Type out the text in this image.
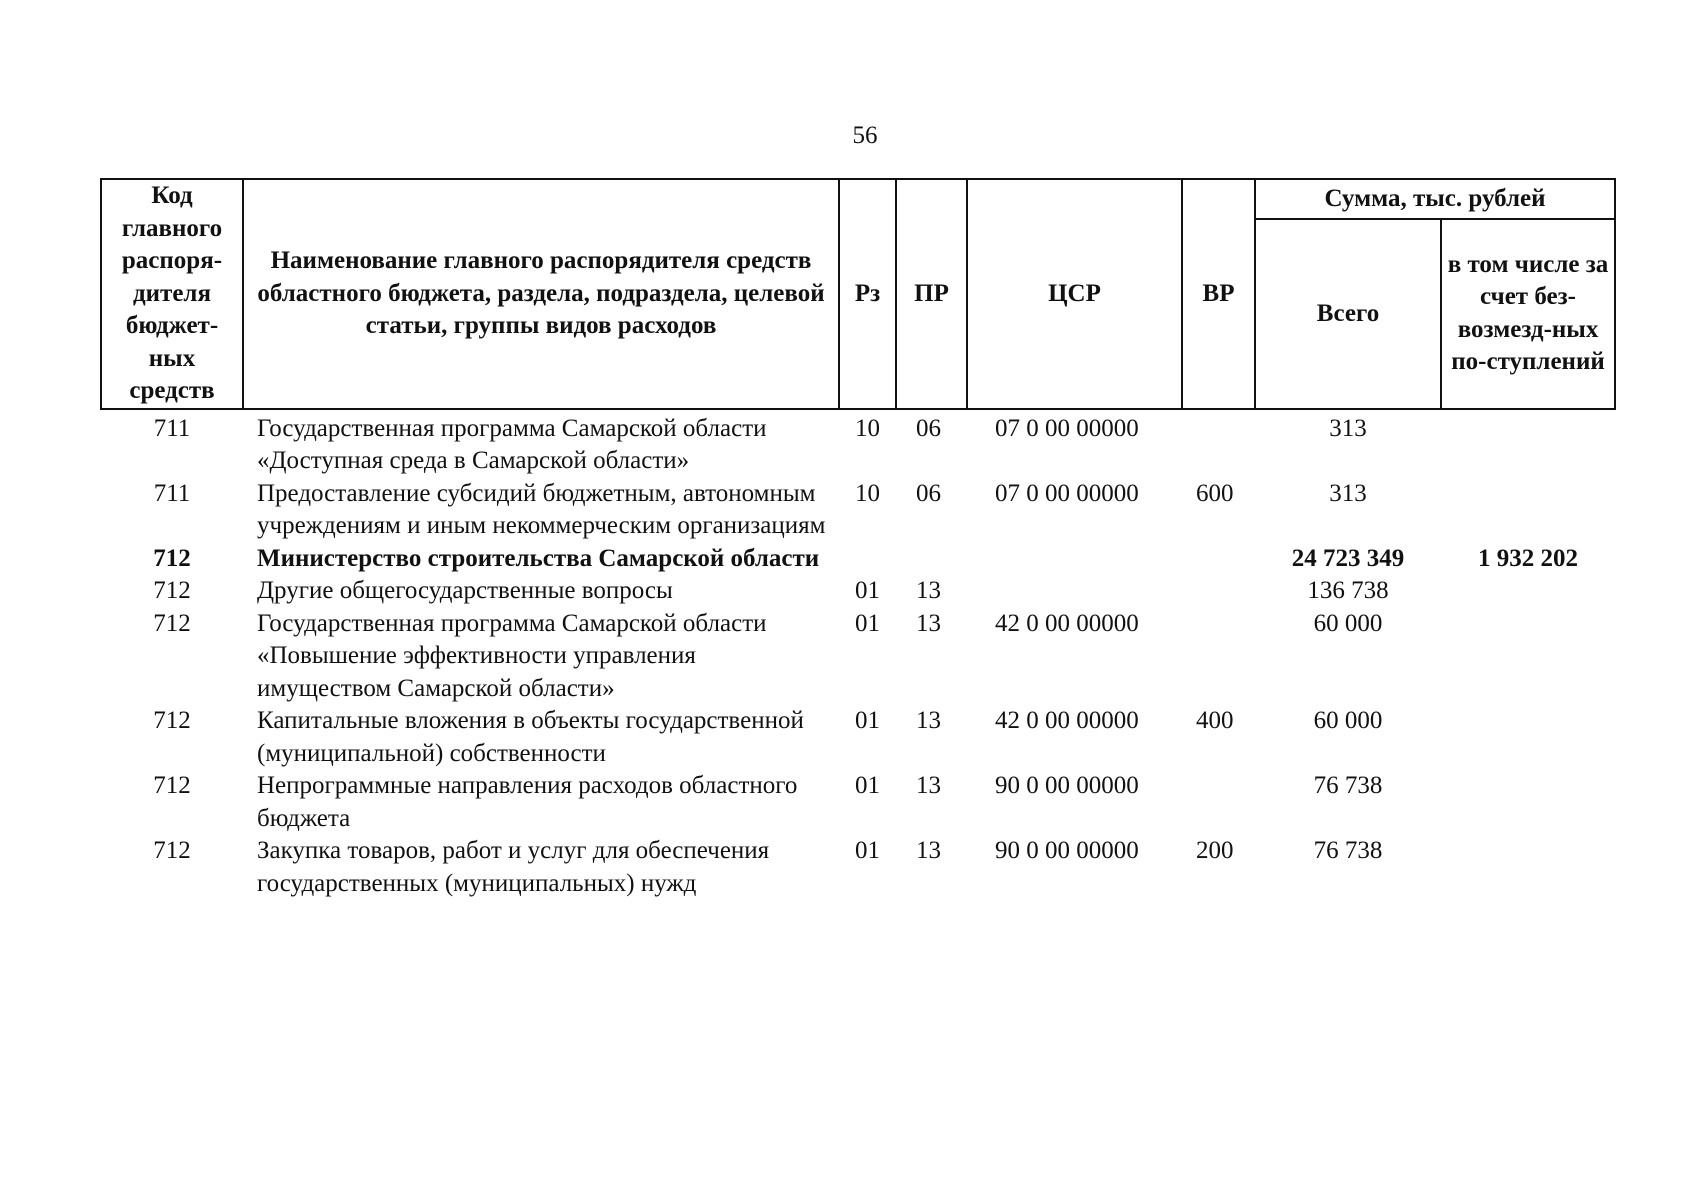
56
Код главного распоря-дителя бюджет-ных средств	Наименование главного распорядителя средств областного бюджета, раздела, подраздела, целевой статьи, группы видов расходов	Рз	ПР	ЦСР	ВР	Сумма, тыс. рублей	
						Всего	в том числе за счет без-возмезд-ных по-ступлений
711	Государственная программа Самарской области «Доступная среда в Самарской области»	10	06	07 0 00 00000		313	
711	Предоставление субсидий бюджетным, автономным учреждениям и иным некоммерческим организациям	10	06	07 0 00 00000	600	313	
712	Министерство строительства Самарской области					24 723 349	1 932 202
712	Другие общегосударственные вопросы	01	13			136 738	
712	Государственная программа Самарской области «Повышение эффективности управления имуществом Самарской области»	01	13	42 0 00 00000		60 000	
712	Капитальные вложения в объекты государственной (муниципальной) собственности	01	13	42 0 00 00000	400	60 000	
712	Непрограммные направления расходов областного бюджета	01	13	90 0 00 00000		76 738	
712	Закупка товаров, работ и услуг для обеспечения государственных (муниципальных) нужд	01	13	90 0 00 00000	200	76 738	
